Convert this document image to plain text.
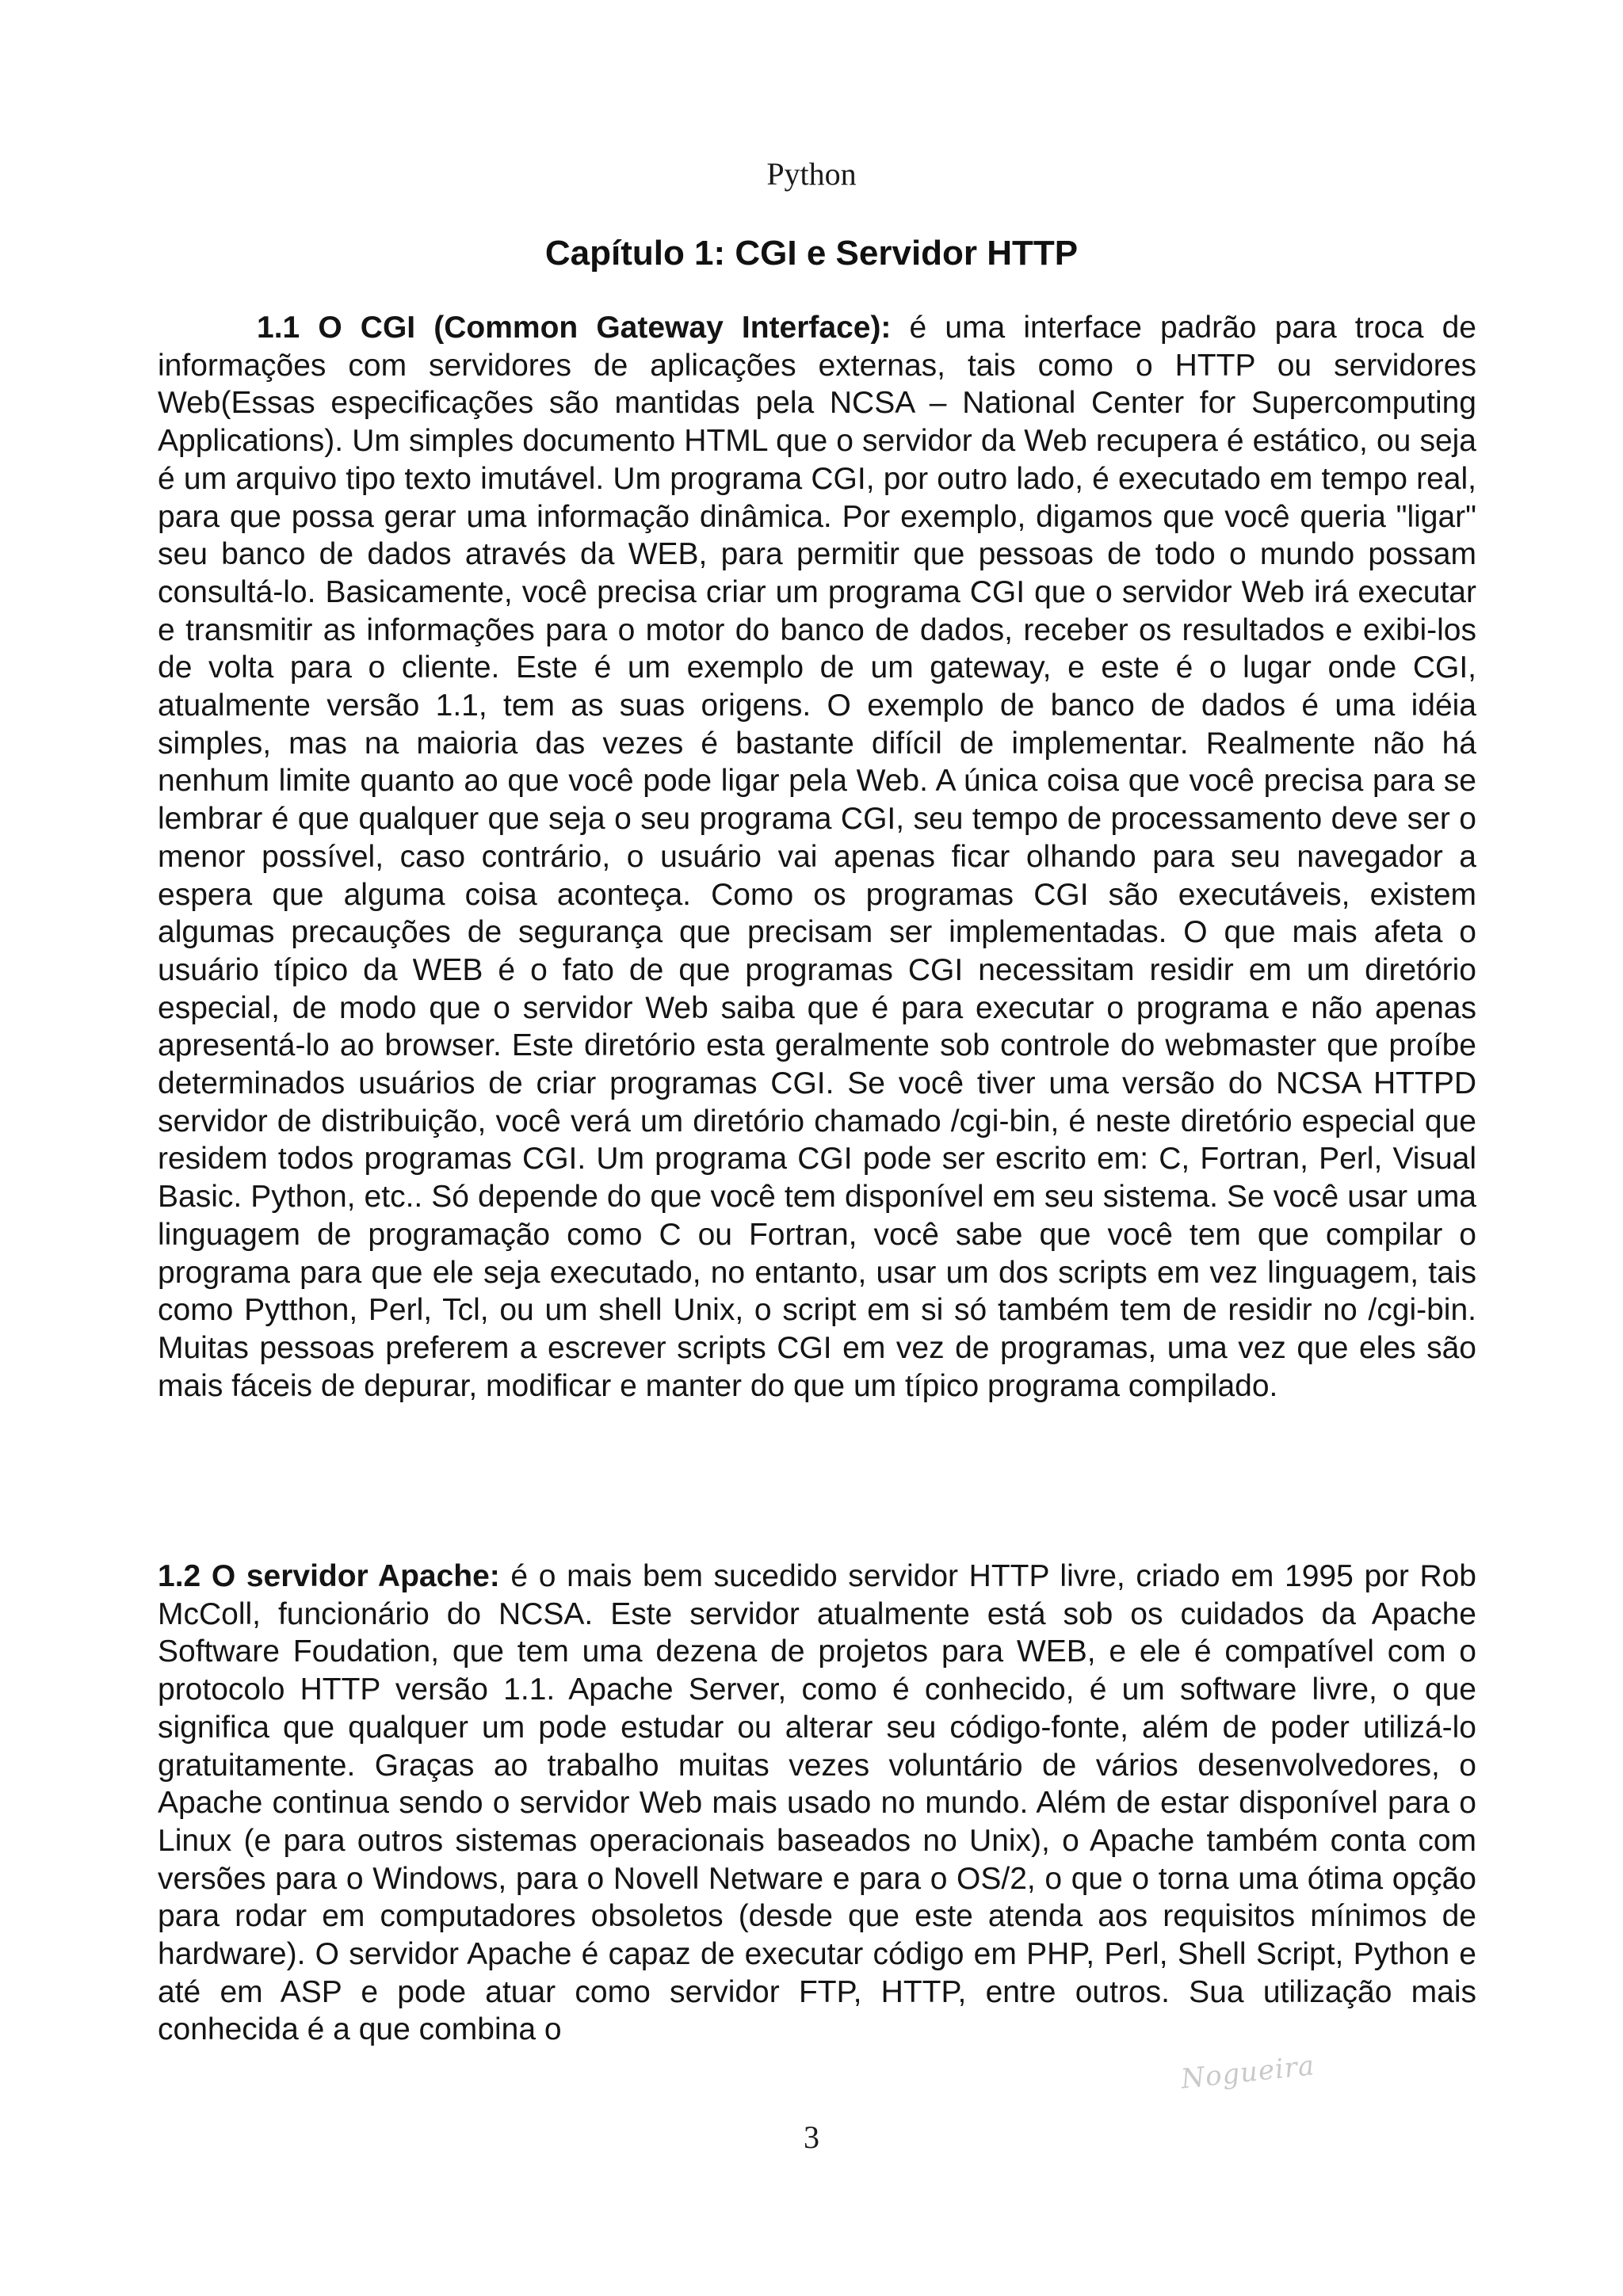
Python
Capítulo 1: CGI e Servidor HTTP

1.1 O CGI (Common Gateway Interface): é uma interface padrão para troca de informações com servidores de aplicações externas, tais como o HTTP ou servidores Web(Essas especificações são mantidas pela NCSA – National Center for Supercomputing Applications). Um simples documento HTML que o servidor da Web recupera é estático, ou seja é um arquivo tipo texto imutável. Um programa CGI, por outro lado, é executado em tempo real, para que possa gerar uma informação dinâmica. Por exemplo, digamos que você queria "ligar" seu banco de dados através da WEB, para permitir que pessoas de todo o mundo possam consultá-lo. Basicamente, você precisa criar um programa CGI que o servidor Web irá executar e transmitir as informações para o motor do banco de dados, receber os resultados e exibi-los de volta para o cliente. Este é um exemplo de um gateway, e este é o lugar onde CGI, atualmente versão 1.1, tem as suas origens. O exemplo de banco de dados é uma idéia simples, mas na maioria das vezes é bastante difícil de implementar. Realmente não há nenhum limite quanto ao que você pode ligar pela Web. A única coisa que você precisa para se lembrar é que qualquer que seja o seu programa CGI, seu tempo de processamento deve ser o menor possível, caso contrário, o usuário vai apenas ficar olhando para seu navegador a espera que alguma coisa aconteça. Como os programas CGI são executáveis, existem algumas precauções de segurança que precisam ser implementadas. O que mais afeta o usuário típico da WEB é o fato de que programas CGI necessitam residir em um diretório especial, de modo que o servidor Web saiba que é para executar o programa e não apenas apresentá-lo ao browser. Este diretório esta geralmente sob controle do webmaster que proíbe determinados usuários de criar programas CGI. Se você tiver uma versão do NCSA HTTPD servidor de distribuição, você verá um diretório chamado /cgi-bin, é neste diretório especial que residem todos programas CGI. Um programa CGI pode ser escrito em: C, Fortran, Perl, Visual Basic. Python, etc.. Só depende do que você tem disponível em seu sistema. Se você usar uma linguagem de programação como C ou Fortran, você sabe que você tem que compilar o programa para que ele seja executado, no entanto, usar um dos scripts em vez linguagem, tais como Pytthon, Perl, Tcl, ou um shell Unix, o script em si só também tem de residir no /cgi-bin. Muitas pessoas preferem a escrever scripts CGI em vez de programas, uma vez que eles são mais fáceis de depurar, modificar e manter do que um típico programa compilado.

1.2 O servidor Apache: é o mais bem sucedido servidor HTTP livre, criado em 1995 por Rob McColl, funcionário do NCSA. Este servidor atualmente está sob os cuidados da Apache Software Foudation, que tem uma dezena de projetos para WEB, e ele é compatível com o protocolo HTTP versão 1.1. Apache Server, como é conhecido, é um software livre, o que significa que qualquer um pode estudar ou alterar seu código-fonte, além de poder utilizá-lo gratuitamente. Graças ao trabalho muitas vezes voluntário de vários desenvolvedores, o Apache continua sendo o servidor Web mais usado no mundo. Além de estar disponível para o Linux (e para outros sistemas operacionais baseados no Unix), o Apache também conta com versões para o Windows, para o Novell Netware e para o OS/2, o que o torna uma ótima opção para rodar em computadores obsoletos (desde que este atenda aos requisitos mínimos de hardware). O servidor Apache é capaz de executar código em PHP, Perl, Shell Script, Python e até em ASP e pode atuar como servidor FTP, HTTP, entre outros. Sua utilização mais conhecida é a que combina o

Nogueira
3
